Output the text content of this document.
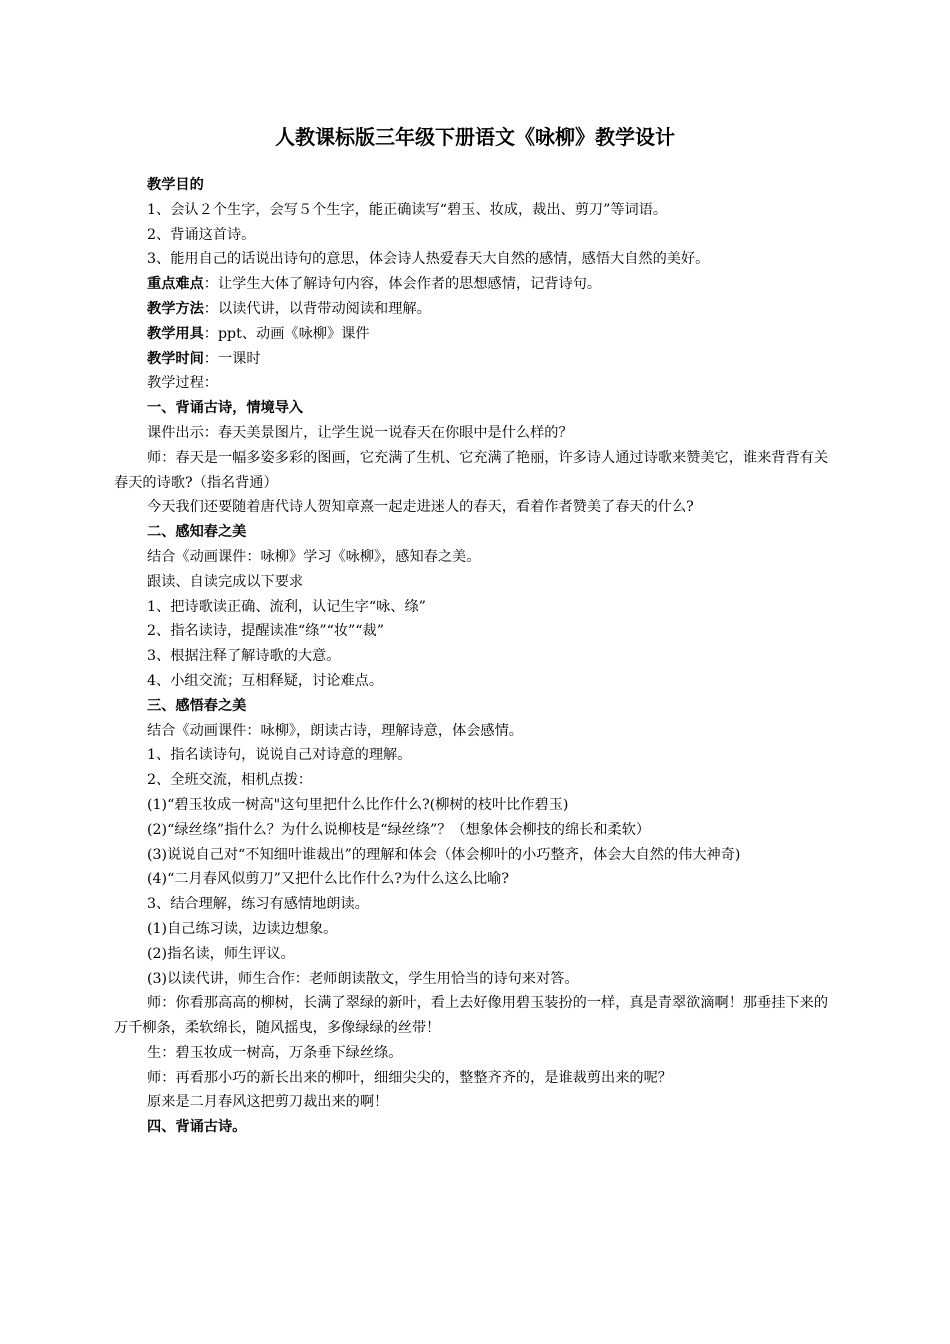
人教课标版三年级下册语文《咏柳》教学设计

教学目的

1、会认２个生字，会写５个生字，能正确读写“碧玉、妆成，裁出、剪刀”等词语。

2、背诵这首诗。

3、能用自己的话说出诗句的意思，体会诗人热爱春天大自然的感情，感悟大自然的美好。

重点难点：让学生大体了解诗句内容，体会作者的思想感情，记背诗句。

教学方法：以读代讲，以背带动阅读和理解。

教学用具：ppt、动画《咏柳》课件

教学时间：一课时

教学过程：

一、背诵古诗，情境导入

课件出示：春天美景图片，让学生说一说春天在你眼中是什么样的？

师：春天是一幅多姿多彩的图画，它充满了生机、它充满了艳丽，许多诗人通过诗歌来赞美它，谁来背背有关春天的诗歌?（指名背通）

今天我们还要随着唐代诗人贺知章熹一起走进迷人的春天，看着作者赞美了春天的什么?

二、感知春之美

结合《动画课件：咏柳》学习《咏柳》，感知春之美。

跟读、自读完成以下要求

1、把诗歌读正确、流利，认记生字“咏、绦”

2、指名读诗，提醒读准“绦”“妆”“裁”

3、根据注释了解诗歌的大意。

4、小组交流；互相释疑，讨论难点。

三、感悟春之美

结合《动画课件：咏柳》，朗读古诗，理解诗意，体会感情。

1、指名读诗句，说说自己对诗意的理解。

2、全班交流，相机点拨：

(1)“碧玉妆成一树高"这句里把什么比作什么?(柳树的枝叶比作碧玉)

(2)“绿丝绦”指什么？为什么说柳枝是“绿丝绦”？（想象体会柳技的绵长和柔软）

(3)说说自己对“不知细叶谁裁出”的理解和体会（体会柳叶的小巧整齐，体会大自然的伟大神奇)

(4)“二月春风似剪刀”又把什么比作什么?为什么这么比喻?

3、结合理解，练习有感情地朗读。

(1)自己练习读，边读边想象。

(2)指名读，师生评议。

(3)以读代讲，师生合作：老师朗读散文，学生用恰当的诗句来对答。

师：你看那高高的柳树，长满了翠绿的新叶，看上去好像用碧玉装扮的一样，真是青翠欲滴啊！那垂挂下来的万千柳条，柔软绵长，随风摇曳，多像绿绿的丝带！

生：碧玉妆成一树高，万条垂下绿丝绦。

师：再看那小巧的新长出来的柳叶，细细尖尖的，整整齐齐的，是谁裁剪出来的呢？

原来是二月春风这把剪刀裁出来的啊！

四、背诵古诗。
